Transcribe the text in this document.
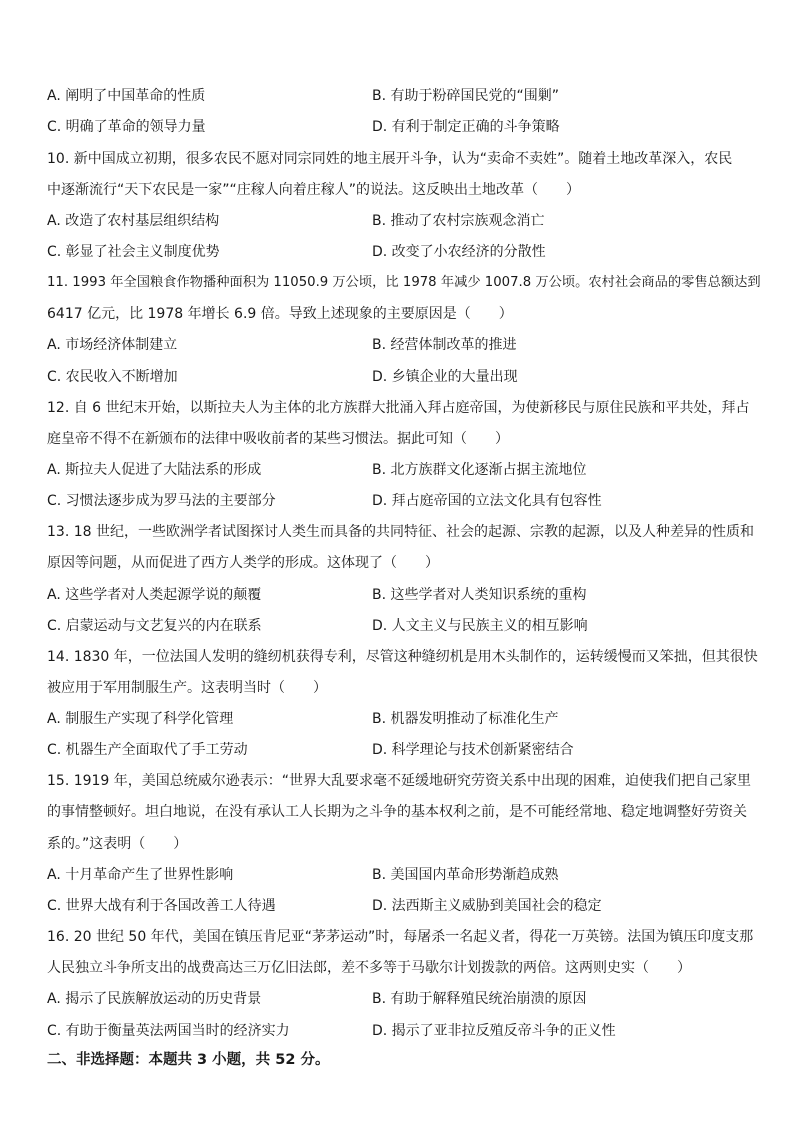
A. 阐明了中国革命的性质	B. 有助于粉碎国民党的“围剿”
C. 明确了革命的领导力量	D. 有利于制定正确的斗争策略
10. 新中国成立初期，很多农民不愿对同宗同姓的地主展开斗争，认为“卖命不卖姓”。随着土地改革深入，农民
中逐渐流行“天下农民是一家”“庄稼人向着庄稼人”的说法。这反映出土地改革（　　）
A. 改造了农村基层组织结构	B. 推动了农村宗族观念消亡
C. 彰显了社会主义制度优势	D. 改变了小农经济的分散性
11. 1993 年全国粮食作物播种面积为 11050.9 万公顷，比 1978 年减少 1007.8 万公顷。农村社会商品的零售总额达到
6417 亿元，比 1978 年增长 6.9 倍。导致上述现象的主要原因是（　　）
A. 市场经济体制建立	B. 经营体制改革的推进
C. 农民收入不断增加	D. 乡镇企业的大量出现
12. 自 6 世纪末开始，以斯拉夫人为主体的北方族群大批涌入拜占庭帝国，为使新移民与原住民族和平共处，拜占
庭皇帝不得不在新颁布的法律中吸收前者的某些习惯法。据此可知（　　）
A. 斯拉夫人促进了大陆法系的形成	B. 北方族群文化逐渐占据主流地位
C. 习惯法逐步成为罗马法的主要部分	D. 拜占庭帝国的立法文化具有包容性
13. 18 世纪，一些欧洲学者试图探讨人类生而具备的共同特征、社会的起源、宗教的起源，以及人种差异的性质和
原因等问题，从而促进了西方人类学的形成。这体现了（　　）
A. 这些学者对人类起源学说的颠覆	B. 这些学者对人类知识系统的重构
C. 启蒙运动与文艺复兴的内在联系	D. 人文主义与民族主义的相互影响
14. 1830 年，一位法国人发明的缝纫机获得专利，尽管这种缝纫机是用木头制作的，运转缓慢而又笨拙，但其很快
被应用于军用制服生产。这表明当时（　　）
A. 制服生产实现了科学化管理	B. 机器发明推动了标准化生产
C. 机器生产全面取代了手工劳动	D. 科学理论与技术创新紧密结合
15. 1919 年，美国总统威尔逊表示：“世界大乱要求毫不延缓地研究劳资关系中出现的困难，迫使我们把自己家里
的事情整顿好。坦白地说，在没有承认工人长期为之斗争的基本权利之前，是不可能经常地、稳定地调整好劳资关
系的。”这表明（　　）
A. 十月革命产生了世界性影响	B. 美国国内革命形势渐趋成熟
C. 世界大战有利于各国改善工人待遇	D. 法西斯主义威胁到美国社会的稳定
16. 20 世纪 50 年代，美国在镇压肯尼亚“茅茅运动”时，每屠杀一名起义者，得花一万英镑。法国为镇压印度支那
人民独立斗争所支出的战费高达三万亿旧法郎，差不多等于马歇尔计划拨款的两倍。这两则史实（　　）
A. 揭示了民族解放运动的历史背景	B. 有助于解释殖民统治崩溃的原因
C. 有助于衡量英法两国当时的经济实力	D. 揭示了亚非拉反殖反帝斗争的正义性
二、非选择题：本题共 3 小题，共 52 分。
